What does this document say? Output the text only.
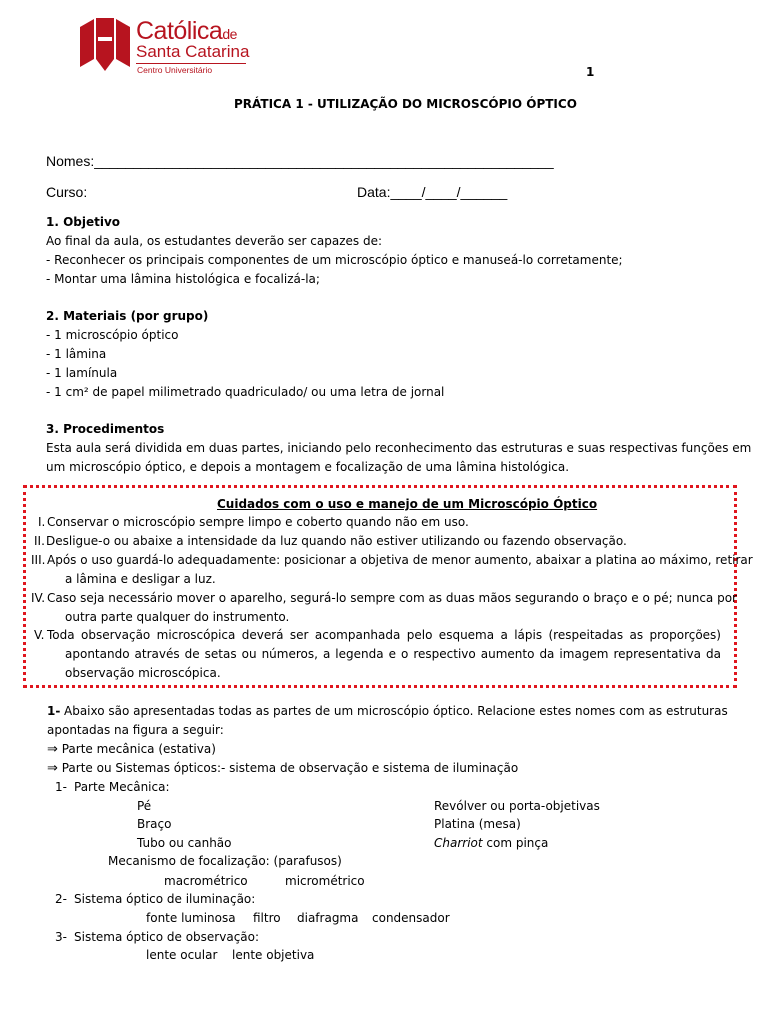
Católicade
Santa Catarina
Centro Universitário	1
PRÁTICA 1 - UTILIZAÇÃO DO MICROSCÓPIO ÓPTICO
Nomes:___________________________________________________________
Curso:	Data:____/____/______
1. Objetivo
Ao final da aula, os estudantes deverão ser capazes de:
- Reconhecer os principais componentes de um microscópio óptico e manuseá-lo corretamente;
- Montar uma lâmina histológica e focalizá-la;
2. Materiais (por grupo)
- 1 microscópio óptico
- 1 lâmina
- 1 lamínula
- 1 cm² de papel milimetrado quadriculado/ ou uma letra de jornal
3. Procedimentos
Esta aula será dividida em duas partes, iniciando pelo reconhecimento das estruturas e suas respectivas funções em
um microscópio óptico, e depois a montagem e focalização de uma lâmina histológica.
Cuidados com o uso e manejo de um Microscópio Óptico
I. Conservar o microscópio sempre limpo e coberto quando não em uso.
II. Desligue-o ou abaixe a intensidade da luz quando não estiver utilizando ou fazendo observação.
III. Após o uso guardá-lo adequadamente: posicionar a objetiva de menor aumento, abaixar a platina ao máximo, retirar
a lâmina e desligar a luz.
IV. Caso seja necessário mover o aparelho, segurá-lo sempre com as duas mãos segurando o braço e o pé; nunca por
outra parte qualquer do instrumento.
V. Toda observação microscópica deverá ser acompanhada pelo esquema a lápis (respeitadas as proporções)
apontando através de setas ou números, a legenda e o respectivo aumento da imagem representativa da
observação microscópica.
1- Abaixo são apresentadas todas as partes de um microscópio óptico. Relacione estes nomes com as estruturas
apontadas na figura a seguir:
⇒ Parte mecânica (estativa)
⇒ Parte ou Sistemas ópticos:- sistema de observação e sistema de iluminação
1- Parte Mecânica:
Pé	Revólver ou porta-objetivas
Braço	Platina (mesa)
Tubo ou canhão	Charriot com pinça
Mecanismo de focalização: (parafusos)
macrométrico	micrométrico
2- Sistema óptico de iluminação:
fonte luminosa filtro diafragma condensador
3- Sistema óptico de observação:
lente ocular lente objetiva
